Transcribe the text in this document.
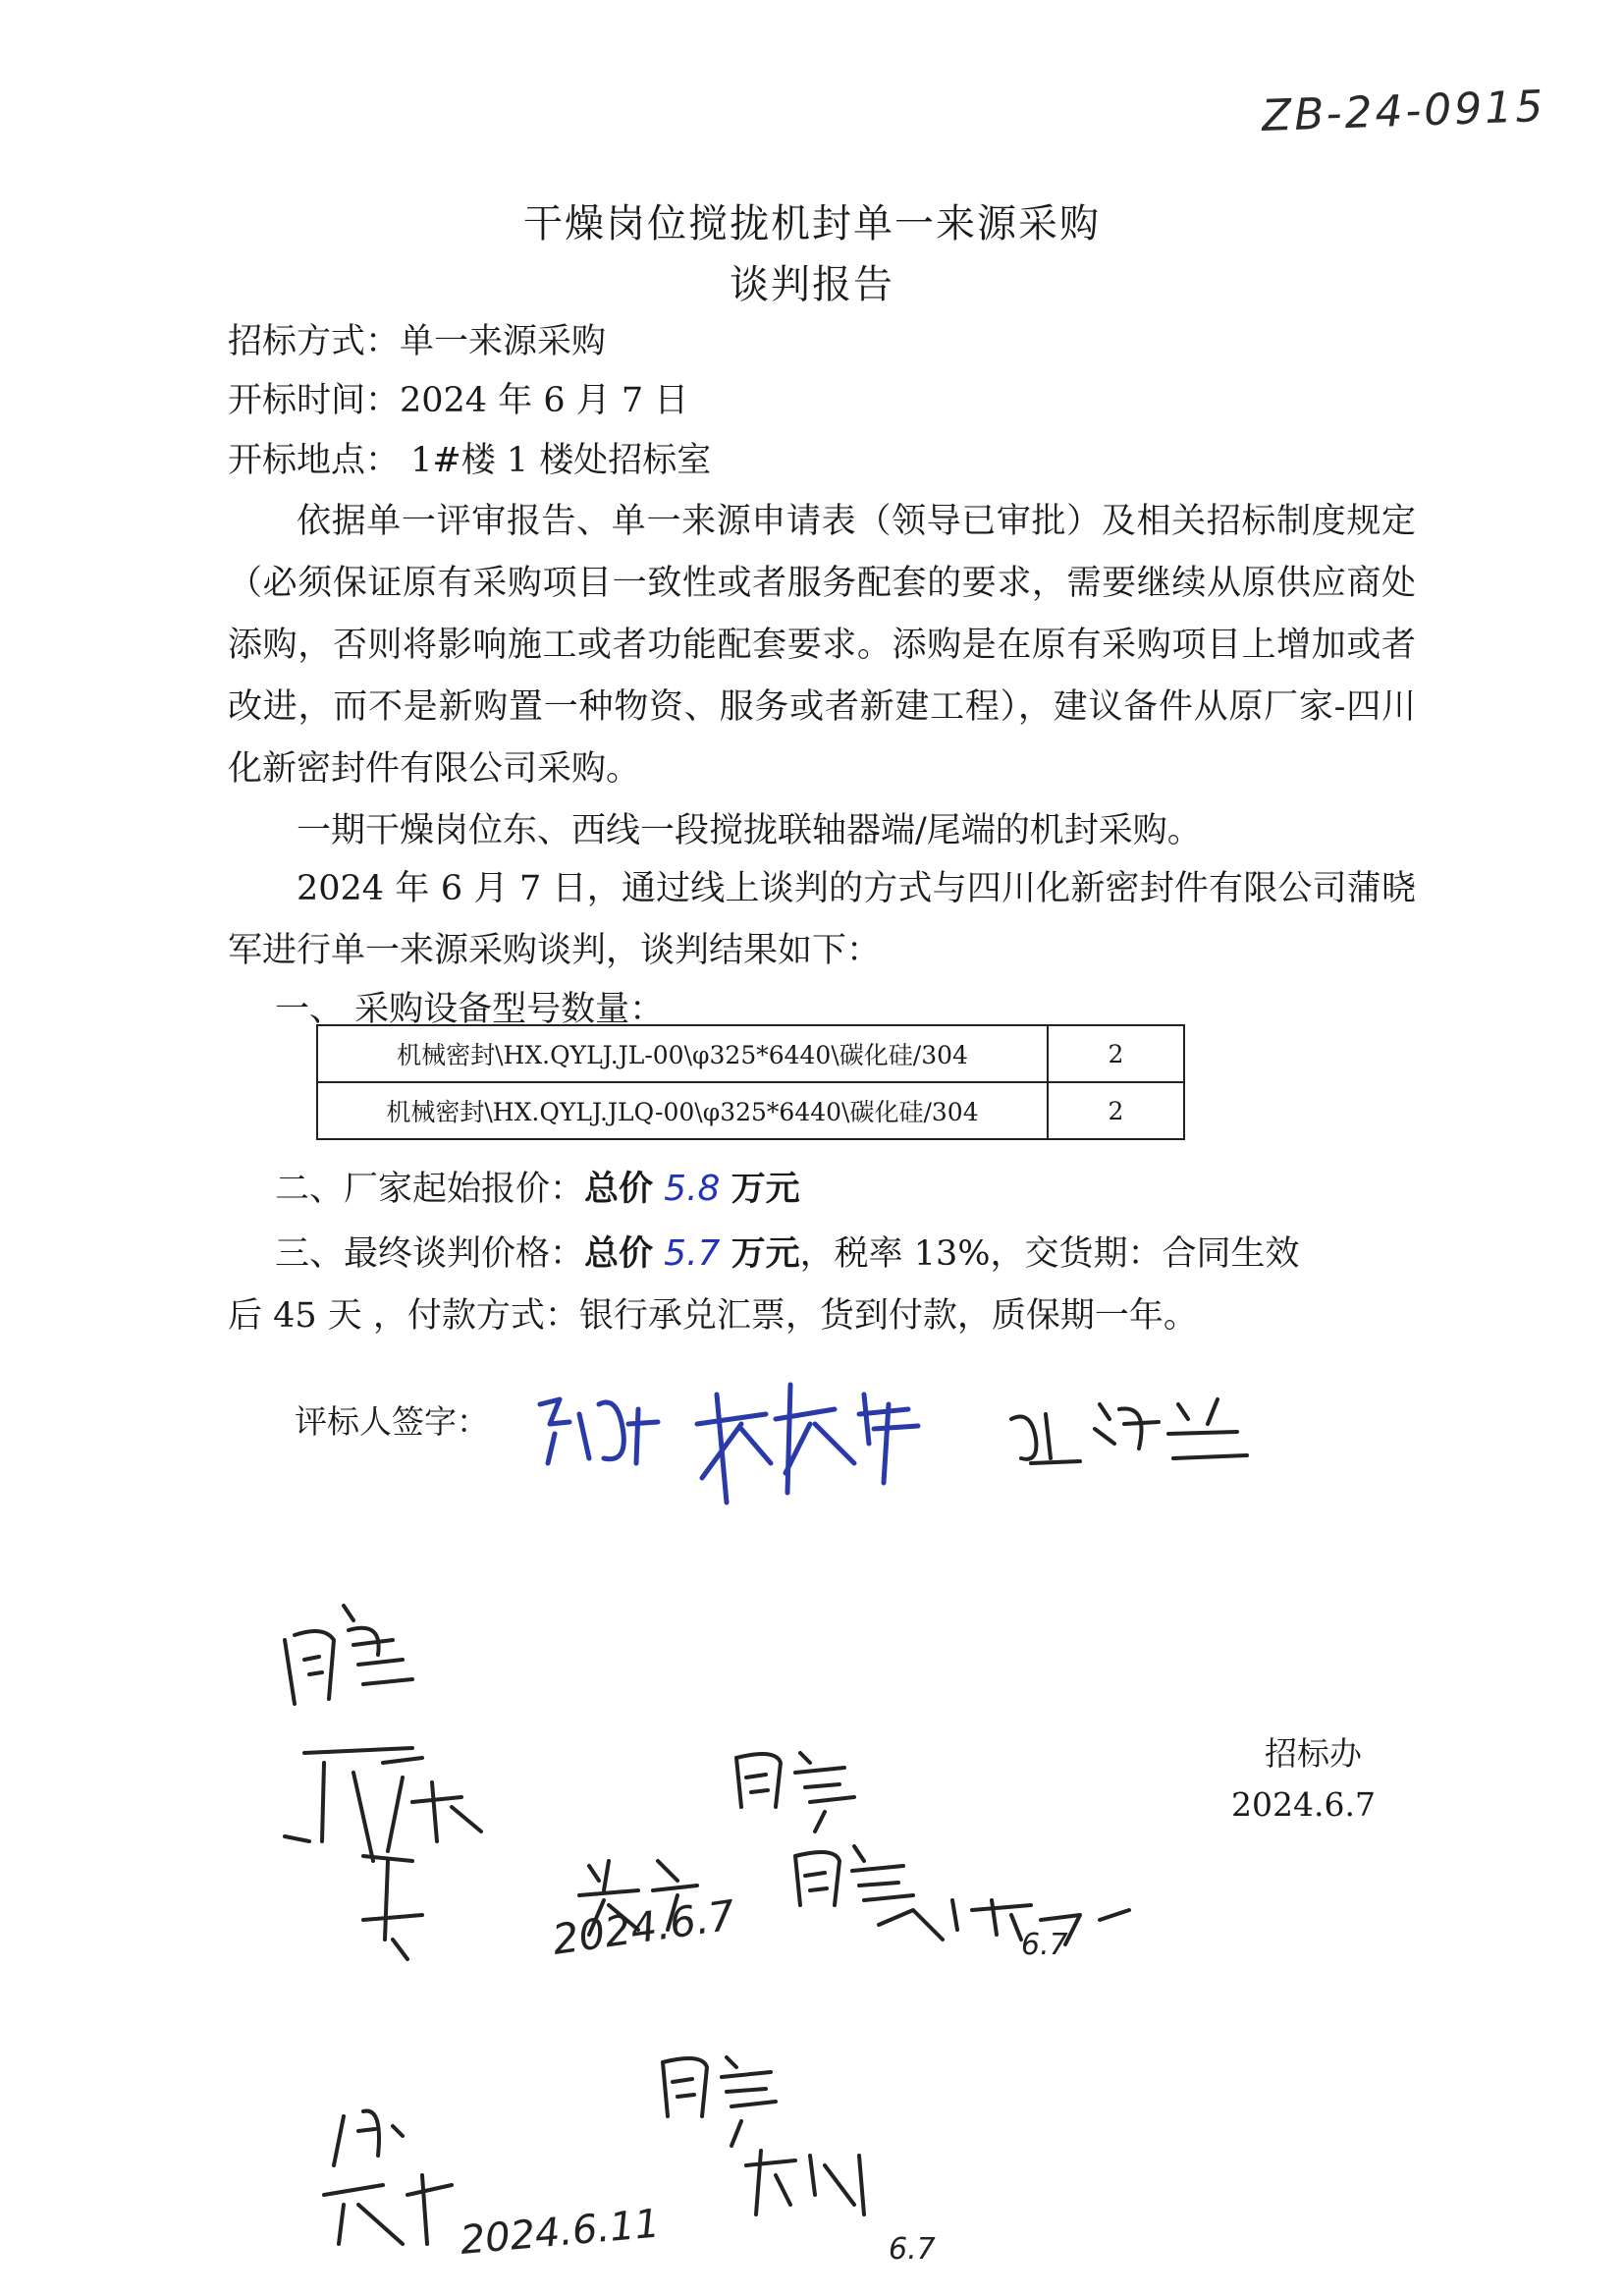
ZB-24-0915
干燥岗位搅拢机封单一来源采购
谈判报告
招标方式：单一来源采购
开标时间：2024 年 6 月 7 日
开标地点： 1#楼 1 楼处招标室
依据单一评审报告、单一来源申请表（领导已审批）及相关招标制度规定（必须保证原有采购项目一致性或者服务配套的要求，需要继续从原供应商处添购，否则将影响施工或者功能配套要求。添购是在原有采购项目上增加或者改进，而不是新购置一种物资、服务或者新建工程），建议备件从原厂家-四川化新密封件有限公司采购。
一期干燥岗位东、西线一段搅拢联轴器端/尾端的机封采购。
2024 年 6 月 7 日，通过线上谈判的方式与四川化新密封件有限公司蒲晓军进行单一来源采购谈判，谈判结果如下：
一、 采购设备型号数量：
机械密封\HX.QYLJ.JL-00\φ325*6440\碳化硅/304	2
机械密封\HX.QYLJ.JLQ-00\φ325*6440\碳化硅/304	2
二、厂家起始报价：总价 5.8 万元
三、最终谈判价格：总价 5.7 万元，税率 13%，交货期：合同生效
后 45 天 ，付款方式：银行承兑汇票，货到付款，质保期一年。
评标人签字：
2024.6.7	6.7
2024.6.11	6.7
招标办
2024.6.7
